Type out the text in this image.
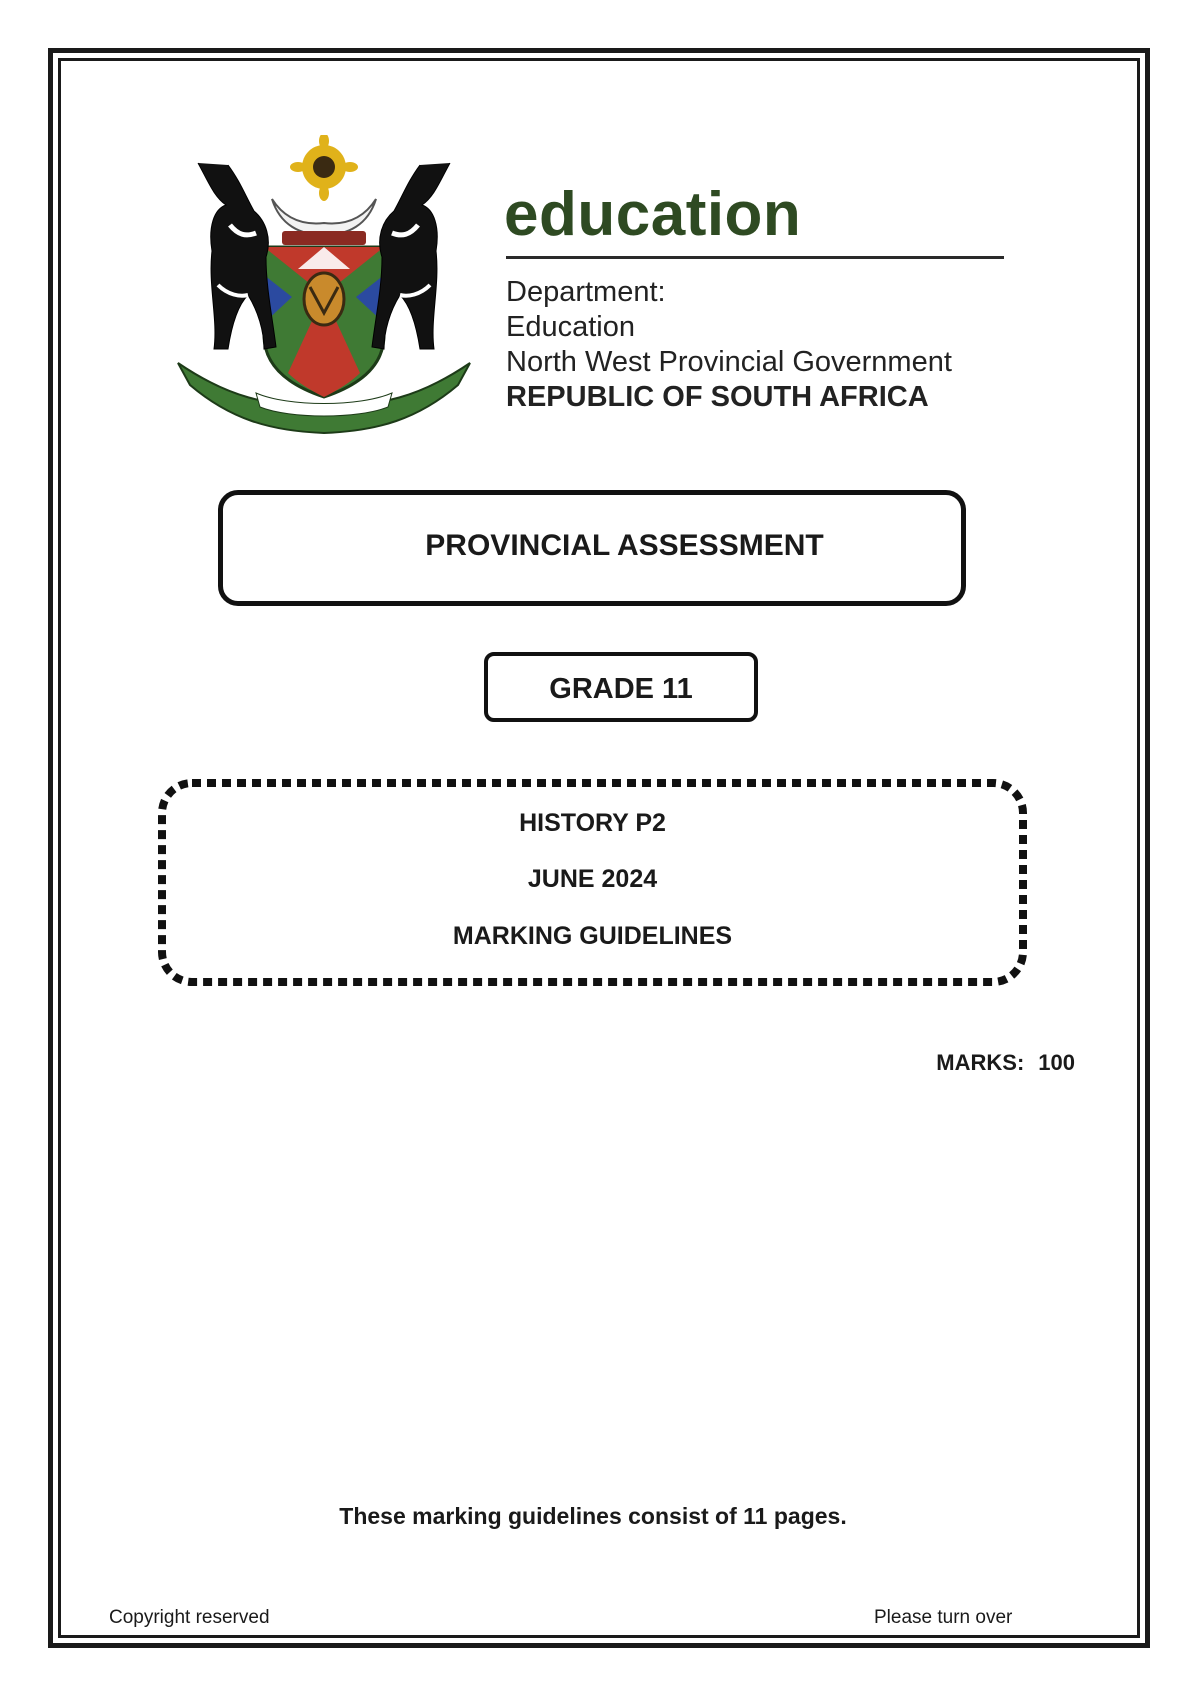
education
Department:
Education
North West Provincial Government
REPUBLIC OF SOUTH AFRICA
PROVINCIAL ASSESSMENT
GRADE 11
HISTORY P2
JUNE 2024
MARKING GUIDELINES
MARKS: 100
These marking guidelines consist of 11 pages.
Copyright reserved	Please turn over
